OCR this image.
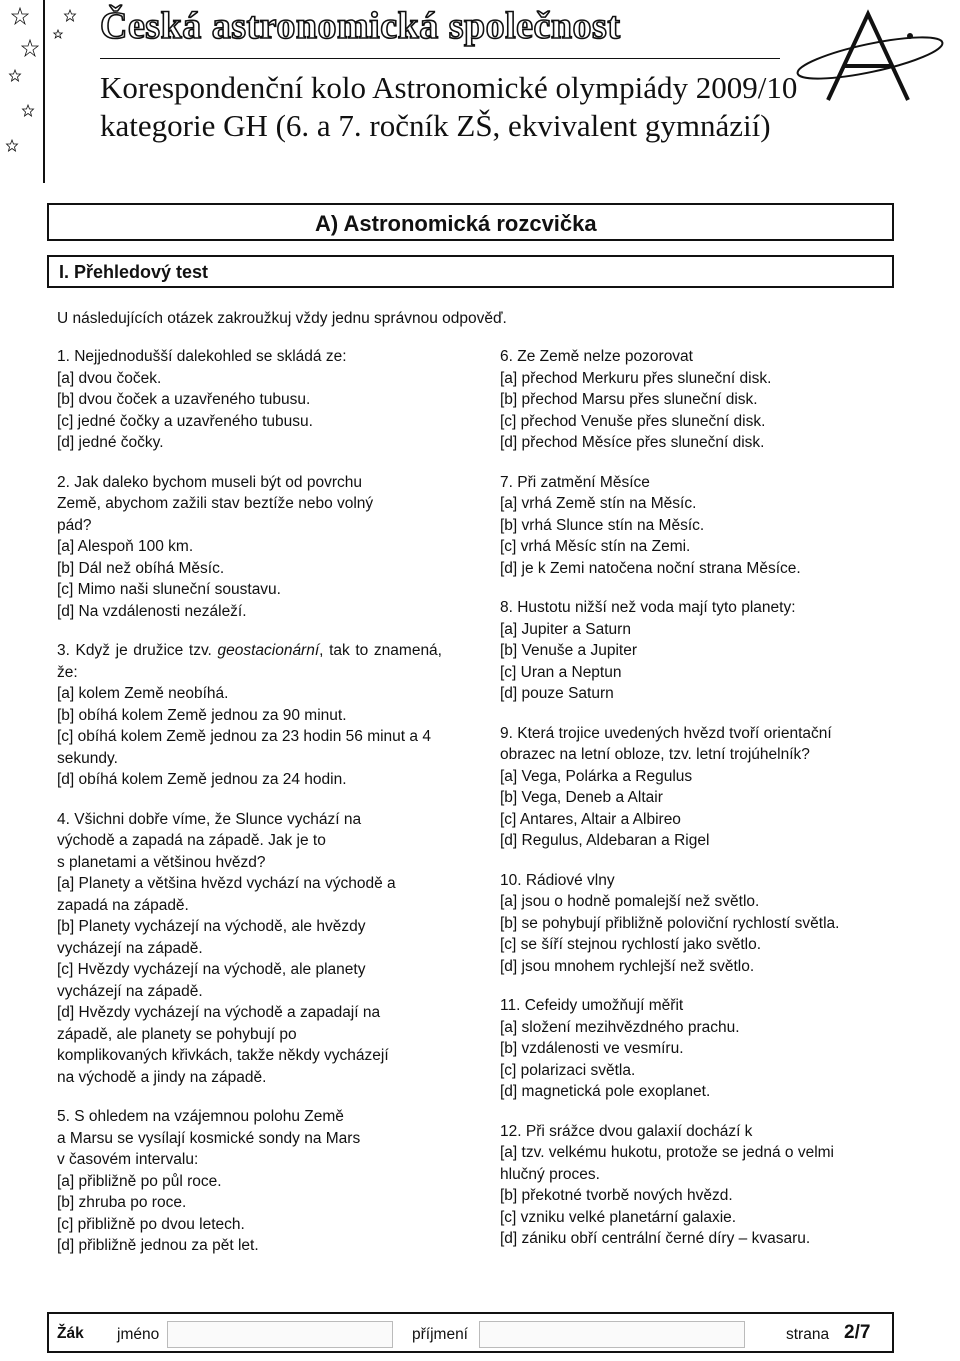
Česká astronomická společnost
Korespondenční kolo Astronomické olympiády 2009/10
kategorie GH (6. a 7. ročník ZŠ, ekvivalent gymnázií)
A) Astronomická rozcvička
I. Přehledový test
U následujících otázek zakroužkuj vždy jednu správnou odpověď.
1. Nejjednodušší dalekohled se skládá ze:
[a] dvou čoček.
[b] dvou čoček a uzavřeného tubusu.
[c] jedné čočky a uzavřeného tubusu.
[d] jedné čočky.
2. Jak daleko bychom museli být od povrchu
Země, abychom zažili stav beztíže nebo volný
pád?
[a] Alespoň 100 km.
[b] Dál než obíhá Měsíc.
[c] Mimo naši sluneční soustavu.
[d] Na vzdálenosti nezáleží.
3. Když je družice tzv. geostacionární, tak to znamená, že:
[a] kolem Země neobíhá.
[b] obíhá kolem Země jednou za 90 minut.
[c] obíhá kolem Země jednou za 23 hodin 56 minut a 4 sekundy.
[d] obíhá kolem Země jednou za 24 hodin.
4. Všichni dobře víme, že Slunce vychází na
východě a zapadá na západě. Jak je to
s planetami a většinou hvězd?
[a] Planety a většina hvězd vychází na východě a
zapadá na západě.
[b] Planety vycházejí na východě, ale hvězdy
vycházejí na západě.
[c] Hvězdy vycházejí na východě, ale planety
vycházejí na západě.
[d] Hvězdy vycházejí na východě a zapadají na
západě, ale planety se pohybují po
komplikovaných křivkách, takže někdy vycházejí
na východě a jindy na západě.
5. S ohledem na vzájemnou polohu Země
a Marsu se vysílají kosmické sondy na Mars
v časovém intervalu:
[a] přibližně po půl roce.
[b] zhruba po roce.
[c] přibližně po dvou letech.
[d] přibližně jednou za pět let.
6. Ze Země nelze pozorovat
[a] přechod Merkuru přes sluneční disk.
[b] přechod Marsu přes sluneční disk.
[c] přechod Venuše přes sluneční disk.
[d] přechod Měsíce přes sluneční disk.
7. Při zatmění Měsíce
[a] vrhá Země stín na Měsíc.
[b] vrhá Slunce stín na Měsíc.
[c] vrhá Měsíc stín na Zemi.
[d] je k Zemi natočena noční strana Měsíce.
8. Hustotu nižší než voda mají tyto planety:
[a] Jupiter a Saturn
[b] Venuše a Jupiter
[c] Uran a Neptun
[d] pouze Saturn
9. Která trojice uvedených hvězd tvoří orientační
obrazec na letní obloze, tzv. letní trojúhelník?
[a] Vega, Polárka a Regulus
[b] Vega, Deneb a Altair
[c] Antares, Altair a Albireo
[d] Regulus, Aldebaran a Rigel
10. Rádiové vlny
[a] jsou o hodně pomalejší než světlo.
[b] se pohybují přibližně poloviční rychlostí světla.
[c] se šíří stejnou rychlostí jako světlo.
[d] jsou mnohem rychlejší než světlo.
11. Cefeidy umožňují měřit
[a] složení mezihvězdného prachu.
[b] vzdálenosti ve vesmíru.
[c] polarizaci světla.
[d] magnetická pole exoplanet.
12. Při srážce dvou galaxií dochází k
[a] tzv. velkému hukotu, protože se jedná o velmi
hlučný proces.
[b] překotné tvorbě nových hvězd.
[c] vzniku velké planetární galaxie.
[d] zániku obří centrální černé díry – kvasaru.
Žák jméno	příjmení	strana 2/7
